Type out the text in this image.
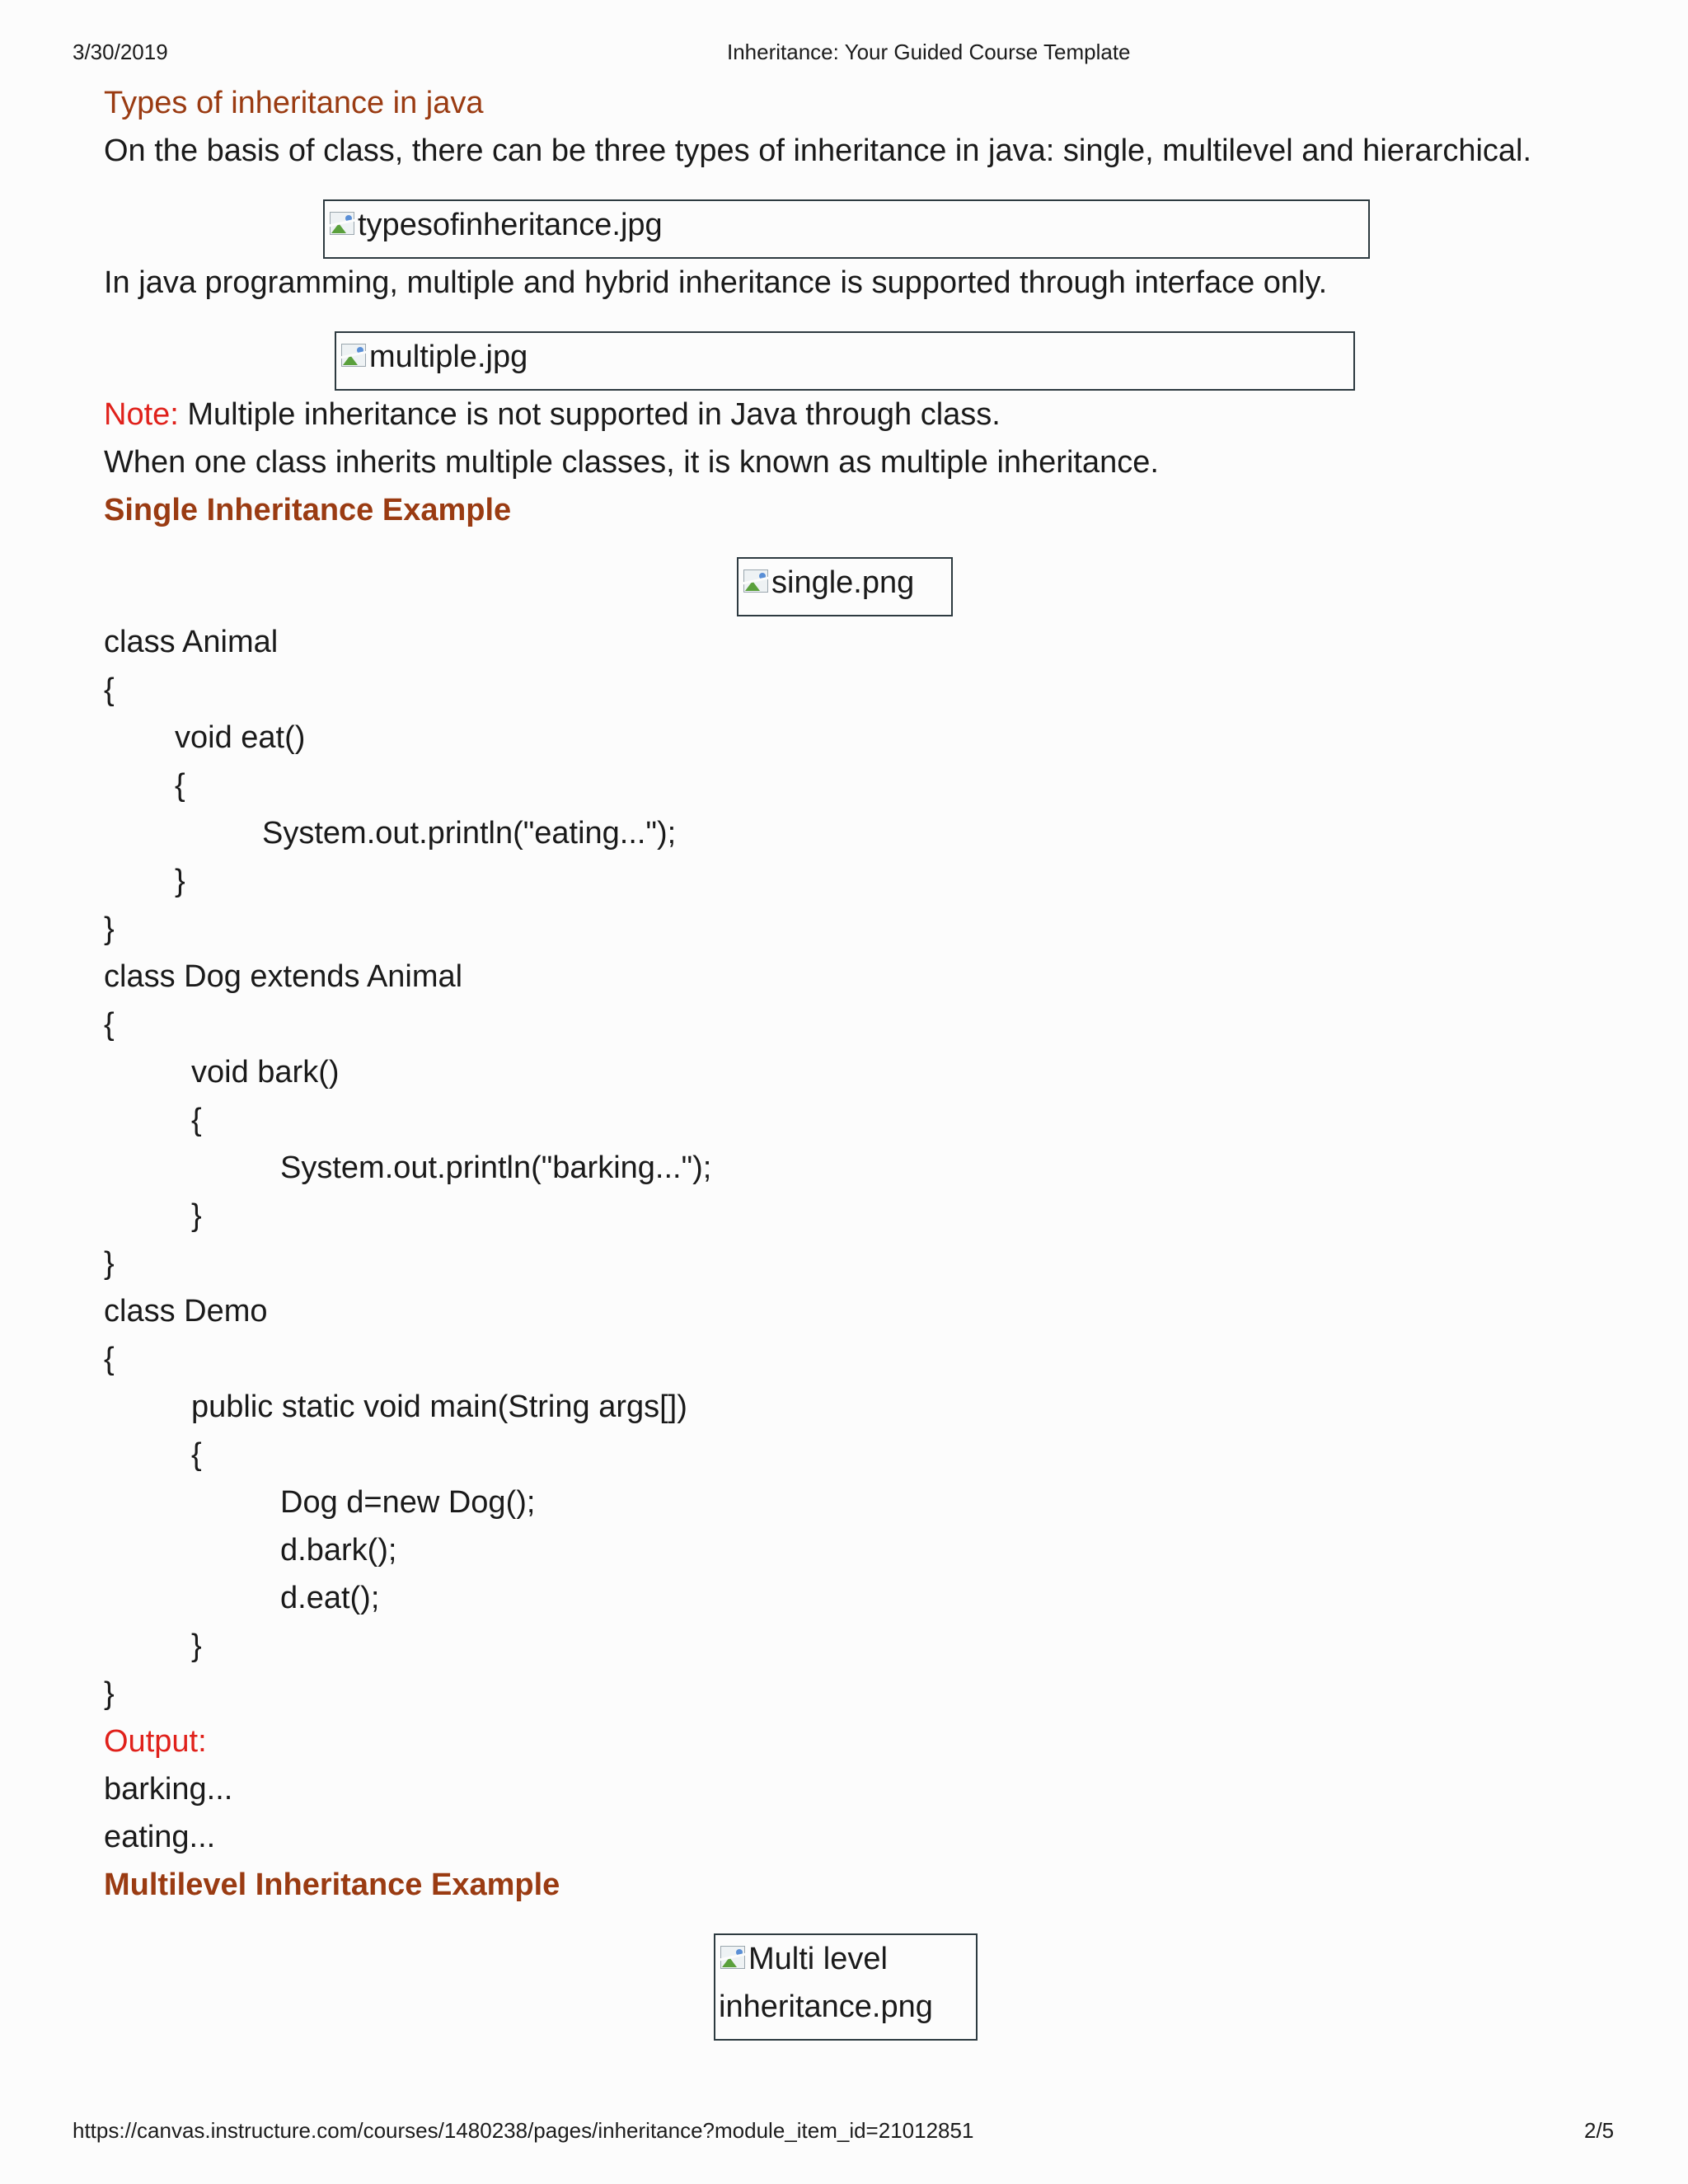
3/30/2019	Inheritance: Your Guided Course Template
Types of inheritance in java
On the basis of class, there can be three types of inheritance in java: single, multilevel and hierarchical.
typesofinheritance.jpg
In java programming, multiple and hybrid inheritance is supported through interface only.
multiple.jpg
Note: Multiple inheritance is not supported in Java through class.
When one class inherits multiple classes, it is known as multiple inheritance.
Single Inheritance Example
single.png
class Animal
{
void eat()
{
System.out.println("eating...");
}
}
class Dog extends Animal
{
void bark()
{
System.out.println("barking...");
}
}
class Demo
{
public static void main(String args[])
{
Dog d=new Dog();
d.bark();
d.eat();
}
}
Output:
barking...
eating...
Multilevel Inheritance Example
Multi level
inheritance.png
https://canvas.instructure.com/courses/1480238/pages/inheritance?module_item_id=21012851	2/5
